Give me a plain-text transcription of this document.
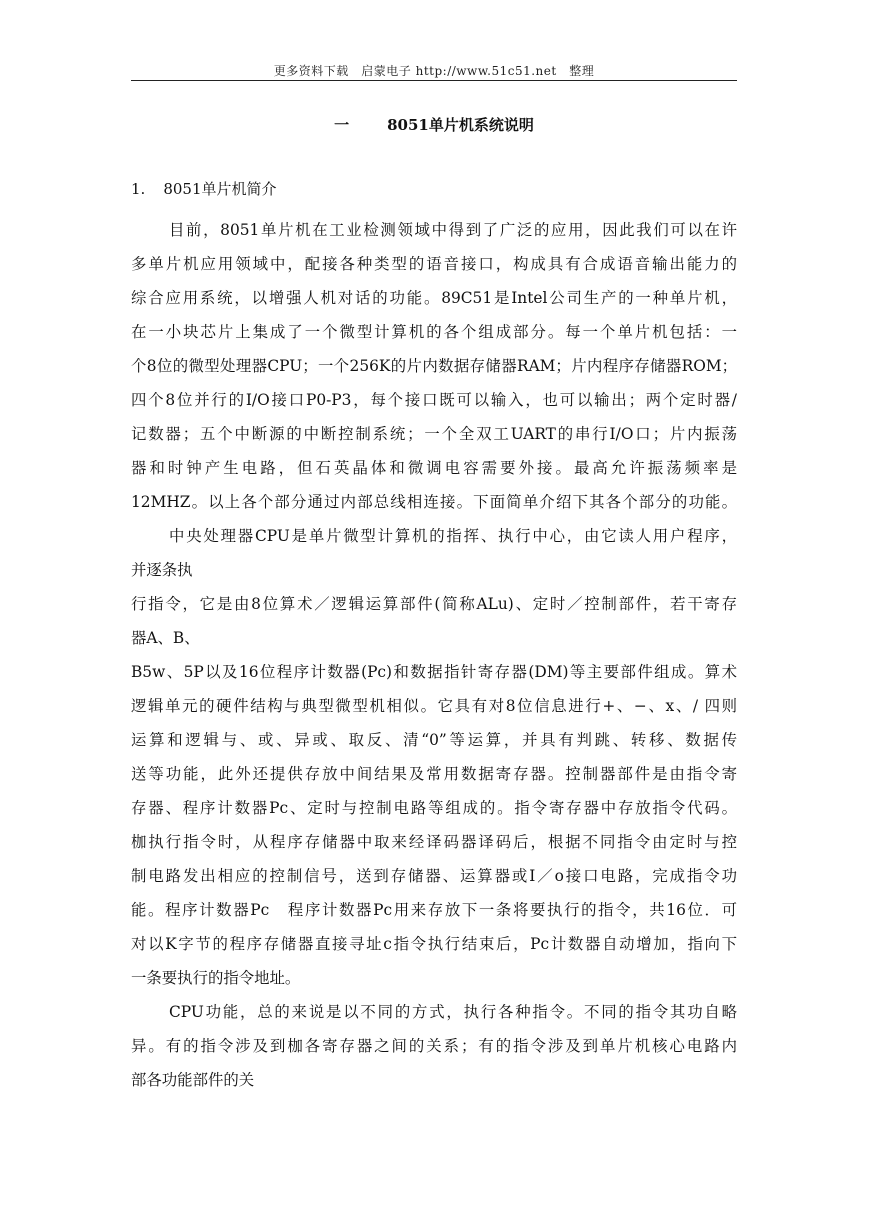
更多资料下载　启蒙电子 http://www.51c51.net　整理
一	8051单片机系统说明
1. 8051单片机简介
目前，8051单片机在工业检测领域中得到了广泛的应用，因此我们可以在许
多单片机应用领域中，配接各种类型的语音接口，构成具有合成语音输出能力的
综合应用系统，以增强人机对话的功能。89C51是Intel公司生产的一种单片机，
在一小块芯片上集成了一个微型计算机的各个组成部分。每一个单片机包括：一
个8位的微型处理器CPU；一个256K的片内数据存储器RAM；片内程序存储器ROM；
四个8位并行的I/O接口P0-P3，每个接口既可以输入，也可以输出；两个定时器/
记数器；五个中断源的中断控制系统；一个全双工UART的串行I/O口；片内振荡
器和时钟产生电路，但石英晶体和微调电容需要外接。最高允许振荡频率是
12MHZ。以上各个部分通过内部总线相连接。下面简单介绍下其各个部分的功能。
中央处理器CPU是单片微型计算机的指挥、执行中心，由它读人用户程序，
并逐条执
行指令，它是由8位算术／逻辑运算部件(简称ALu)、定时／控制部件，若干寄存
器A、B、
B5w、5P以及16位程序计数器(Pc)和数据指针寄存器(DM)等主要部件组成。算术
逻辑单元的硬件结构与典型微型机相似。它具有对8位信息进行+、−、x、/ 四则
运算和逻辑与、或、异或、取反、清“0”等运算，并具有判跳、转移、数据传
送等功能，此外还提供存放中间结果及常用数据寄存器。控制器部件是由指令寄
存器、程序计数器Pc、定时与控制电路等组成的。指令寄存器中存放指令代码。
枷执行指令时，从程序存储器中取来经译码器译码后，根据不同指令由定时与控
制电路发出相应的控制信号，送到存储器、运算器或I／o接口电路，完成指令功
能。程序计数器Pc　程序计数器Pc用来存放下一条将要执行的指令，共16位．可
对以K字节的程序存储器直接寻址c指令执行结束后，Pc计数器自动增加，指向下
一条要执行的指令地址。
CPU功能，总的来说是以不同的方式，执行各种指令。不同的指令其功自略
异。有的指令涉及到枷各寄存器之间的关系；有的指令涉及到单片机核心电路内
部各功能部件的关
